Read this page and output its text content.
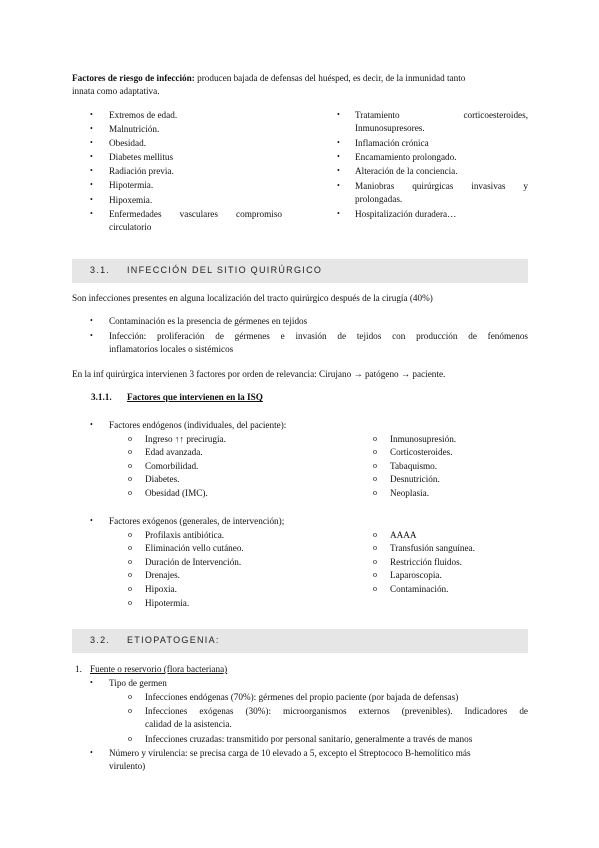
Factores de riesgo de infección: producen bajada de defensas del huésped, es decir, de la inmunidad tanto
innata como adaptativa.
• Extremos de edad.
• Malnutrición.
• Obesidad.
• Diabetes mellitus
• Radiación previa.
• Hipotermia.
• Hipoxemia.
• Enfermedades vasculares compromiso
circulatorio
• Tratamiento corticoesteroides,
Inmunosupresores.
• Inflamación crónica
• Encamamiento prolongado.
• Alteración de la conciencia.
• Maniobras quirúrgicas invasivas y
prolongadas.
• Hospitalización duradera…
3.1. INFECCIÓN DEL SITIO QUIRÚRGICO
Son infecciones presentes en alguna localización del tracto quirúrgico después de la cirugía (40%)
• Contaminación es la presencia de gérmenes en tejidos
• Infección: proliferación de gérmenes e invasión de tejidos con producción de fenómenos
inflamatorios locales o sistémicos
En la inf quirúrgica intervienen 3 factores por orden de relevancia: Cirujano → patógeno → paciente.
3.1.1. Factores que intervienen en la ISQ
• Factores endógenos (individuales, del paciente):
o Ingreso ↑↑ precirugía.
o Edad avanzada.
o Comorbilidad.
o Diabetes.
o Obesidad (IMC).
o Inmunosupresión.
o Corticosteroides.
o Tabaquismo.
o Desnutrición.
o Neoplasia.
• Factores exógenos (generales, de intervención);
o Profilaxis antibiótica.
o Eliminación vello cutáneo.
o Duración de Intervención.
o Drenajes.
o Hipoxia.
o Hipotermia.
o AAAA
o Transfusión sanguínea.
o Restricción fluidos.
o Laparoscopia.
o Contaminación.
3.2. ETIOPATOGENIA:
1. Fuente o reservorio (flora bacteriana)
• Tipo de germen
o Infecciones endógenas (70%): gérmenes del propio paciente (por bajada de defensas)
o Infecciones exógenas (30%): microorganismos externos (prevenibles). Indicadores de
calidad de la asistencia.
o Infecciones cruzadas: transmitido por personal sanitario, generalmente a través de manos
• Número y virulencia: se precisa carga de 10 elevado a 5, excepto el Streptococo B-hemolítico más
virulento)
